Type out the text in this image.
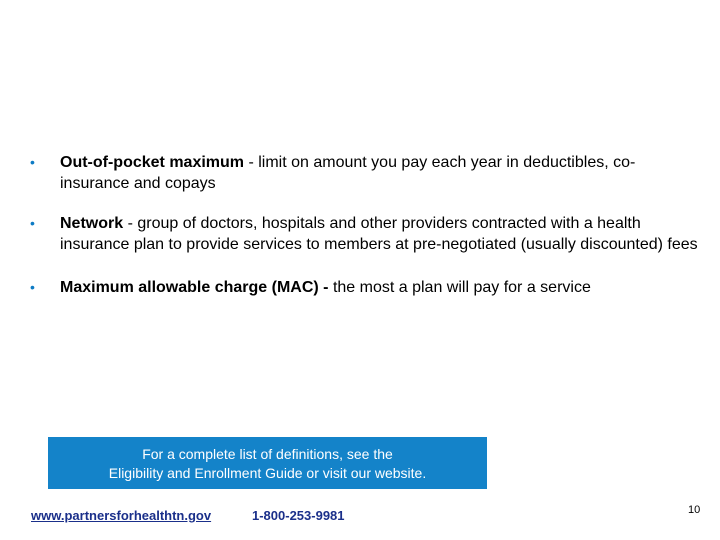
• Out-of-pocket maximum - limit on amount you pay each year in deductibles, co-insurance and copays
• Network - group of doctors, hospitals and other providers contracted with a health insurance plan to provide services to members at pre-negotiated (usually discounted) fees
• Maximum allowable charge (MAC) - the most a plan will pay for a service
For a complete list of definitions, see the
Eligibility and Enrollment Guide or visit our website.
www.partnersforhealthtn.gov	1-800-253-9981	10
